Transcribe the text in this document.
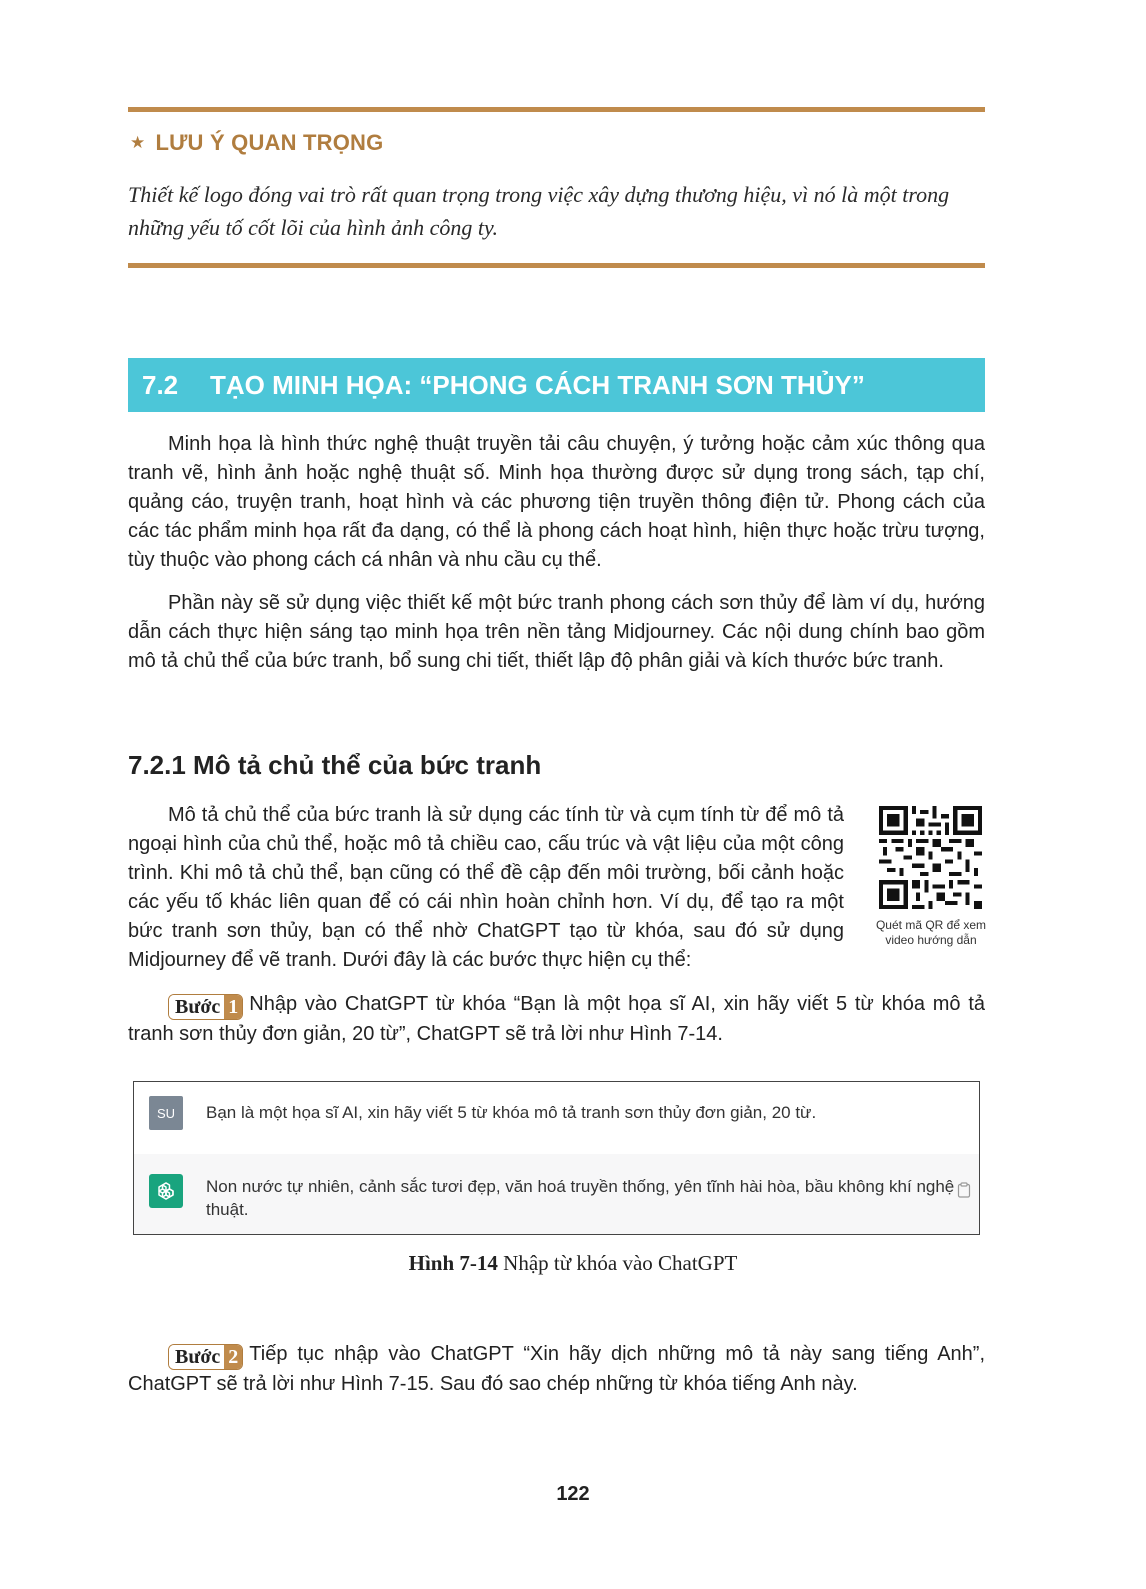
★ LƯU Ý QUAN TRỌNG
Thiết kế logo đóng vai trò rất quan trọng trong việc xây dựng thương hiệu, vì nó là một trong những yếu tố cốt lõi của hình ảnh công ty.
7.2	TẠO MINH HỌA: “PHONG CÁCH TRANH SƠN THỦY”
Minh họa là hình thức nghệ thuật truyền tải câu chuyện, ý tưởng hoặc cảm xúc thông qua tranh vẽ, hình ảnh hoặc nghệ thuật số. Minh họa thường được sử dụng trong sách, tạp chí, quảng cáo, truyện tranh, hoạt hình và các phương tiện truyền thông điện tử. Phong cách của các tác phẩm minh họa rất đa dạng, có thể là phong cách hoạt hình, hiện thực hoặc trừu tượng, tùy thuộc vào phong cách cá nhân và nhu cầu cụ thể.
Phần này sẽ sử dụng việc thiết kế một bức tranh phong cách sơn thủy để làm ví dụ, hướng dẫn cách thực hiện sáng tạo minh họa trên nền tảng Midjourney. Các nội dung chính bao gồm mô tả chủ thể của bức tranh, bổ sung chi tiết, thiết lập độ phân giải và kích thước bức tranh.
7.2.1 Mô tả chủ thể của bức tranh
Mô tả chủ thể của bức tranh là sử dụng các tính từ và cụm tính từ để mô tả ngoại hình của chủ thể, hoặc mô tả chiều cao, cấu trúc và vật liệu của một công trình. Khi mô tả chủ thể, bạn cũng có thể đề cập đến môi trường, bối cảnh hoặc các yếu tố khác liên quan để có cái nhìn hoàn chỉnh hơn. Ví dụ, để tạo ra một bức tranh sơn thủy, bạn có thể nhờ ChatGPT tạo từ khóa, sau đó sử dụng Midjourney để vẽ tranh. Dưới đây là các bước thực hiện cụ thể:
Quét mã QR để xem video hướng dẫn
Bước 1 Nhập vào ChatGPT từ khóa “Bạn là một họa sĩ AI, xin hãy viết 5 từ khóa mô tả tranh sơn thủy đơn giản, 20 từ”, ChatGPT sẽ trả lời như Hình 7-14.
SU	Bạn là một họa sĩ AI, xin hãy viết 5 từ khóa mô tả tranh sơn thủy đơn giản, 20 từ.
Non nước tự nhiên, cảnh sắc tươi đẹp, văn hoá truyền thống, yên tĩnh hài hòa, bầu không khí nghệ thuật.
Hình 7-14 Nhập từ khóa vào ChatGPT
Bước 2 Tiếp tục nhập vào ChatGPT “Xin hãy dịch những mô tả này sang tiếng Anh”, ChatGPT sẽ trả lời như Hình 7-15. Sau đó sao chép những từ khóa tiếng Anh này.
122
